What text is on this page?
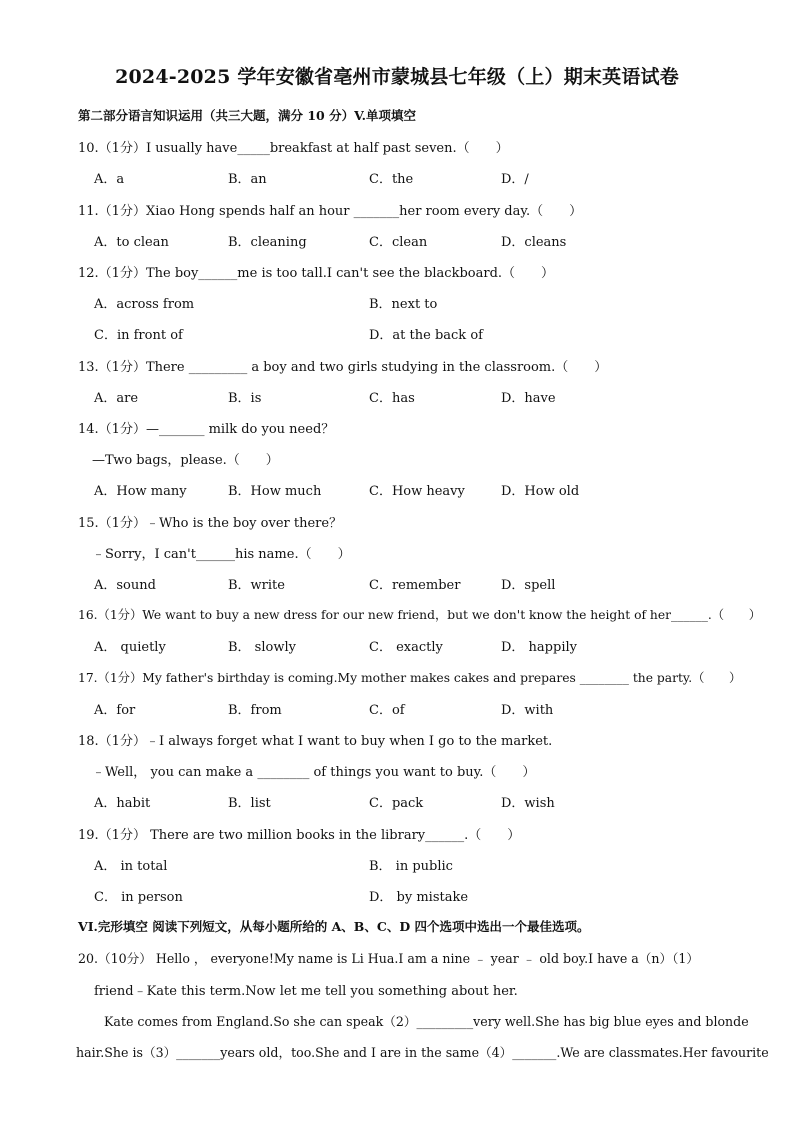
2024-2025 学年安徽省亳州市蒙城县七年级（上）期末英语试卷
第二部分语言知识运用（共三大题，满分 10 分）V.单项填空
10.（1分）I usually have_____breakfast at half past seven.（　　）
A．a	B．an	C．the	D．/
11.（1分）Xiao Hong spends half an hour _______her room every day.（　　）
A．to clean	B．cleaning	C．clean	D．cleans
12.（1分）The boy______me is too tall.I can't see the blackboard.（　　）
A．across from	B．next to
C．in front of	D．at the back of
13.（1分）There _________ a boy and two girls studying in the classroom.（　　）
A．are	B．is	C．has	D．have
14.（1分）—_______ milk do you need？
—Two bags，please.（　　）
A．How many	B．How much	C．How heavy	D．How old
15.（1分）﹣Who is the boy over there？
﹣Sorry，I can't______his name.（　　）
A．sound	B．write	C．remember	D．spell
16.（1分）We want to buy a new dress for our new friend，but we don't know the height of her______.（　　）
A． quietly	B． slowly	C． exactly	D． happily
17.（1分）My father's birthday is coming.My mother makes cakes and prepares ________ the party.（　　）
A．for	B．from	C．of	D．with
18.（1分）﹣I always forget what I want to buy when I go to the market.
﹣Well， you can make a ________ of things you want to buy.（　　）
A．habit	B．list	C．pack	D．wish
19.（1分） There are two million books in the library______.（　　）
A． in total	B． in public
C． in person	D． by mistake
VI.完形填空 阅读下列短文，从每小题所给的 A、B、C、D 四个选项中选出一个最佳选项。
20.（10分） Hello ， everyone!My name is Li Hua.I am a nine ﹣ year ﹣ old boy.I have a（n）（1）
friend﹣Kate this term.Now let me tell you something about her.
Kate comes from England.So she can speak（2）_________very well.She has big blue eyes and blonde
hair.She is（3）_______years old，too.She and I are in the same（4）_______.We are classmates.Her favourite
